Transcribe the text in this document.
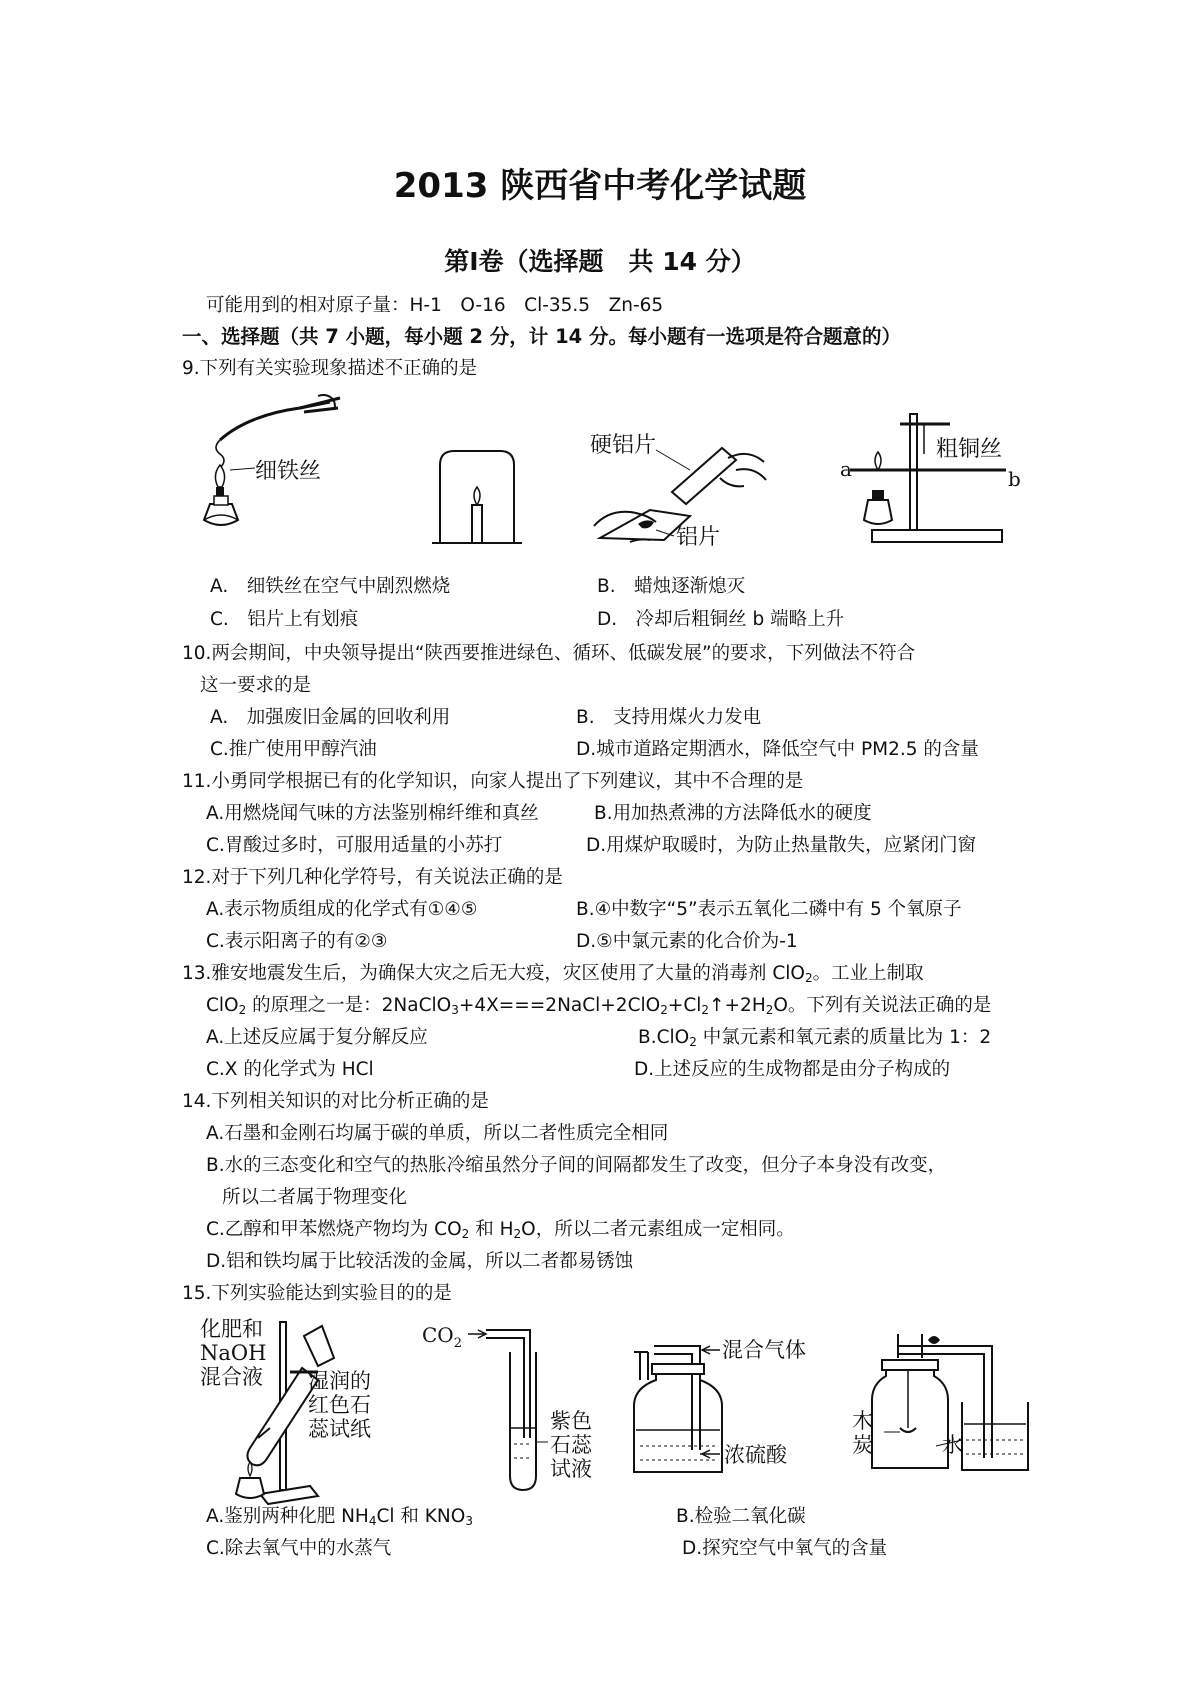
2013 陕西省中考化学试题
第Ⅰ卷（选择题　共 14 分）
可能用到的相对原子量：H-1　O-16　Cl-35.5　Zn-65
一、选择题（共 7 小题，每小题 2 分，计 14 分。每小题有一选项是符合题意的）
9.下列有关实验现象描述不正确的是
细铁丝
硬铝片
铝片
a	b
粗铜丝
A.　细铁丝在空气中剧烈燃烧	B.　蜡烛逐渐熄灭
C.　铝片上有划痕	D.　冷却后粗铜丝 b 端略上升
10.两会期间，中央领导提出“陕西要推进绿色、循环、低碳发展”的要求，下列做法不符合
这一要求的是
A.　加强废旧金属的回收利用	B.　支持用煤火力发电
C.推广使用甲醇汽油	D.城市道路定期洒水，降低空气中 PM2.5 的含量
11.小勇同学根据已有的化学知识，向家人提出了下列建议，其中不合理的是
A.用燃烧闻气味的方法鉴别棉纤维和真丝	B.用加热煮沸的方法降低水的硬度
C.胃酸过多时，可服用适量的小苏打	D.用煤炉取暖时，为防止热量散失，应紧闭门窗
12.对于下列几种化学符号，有关说法正确的是
A.表示物质组成的化学式有①④⑤	B.④中数字“5”表示五氧化二磷中有 5 个氧原子
C.表示阳离子的有②③	D.⑤中氯元素的化合价为-1
13.雅安地震发生后，为确保大灾之后无大疫，灾区使用了大量的消毒剂 ClO$_2$。工业上制取
ClO$_2$ 的原理之一是：$2NaClO_3+4X===2NaCl+2ClO_2+Cl_2↑+2H_2O$。下列有关说法正确的是
A.上述反应属于复分解反应	B.ClO$_2$ 中氯元素和氧元素的质量比为 1：2
C.X 的化学式为 HCl	D.上述反应的生成物都是由分子构成的
14.下列相关知识的对比分析正确的是
A.石墨和金刚石均属于碳的单质，所以二者性质完全相同
B.水的三态变化和空气的热胀冷缩虽然分子间的间隔都发生了改变，但分子本身没有改变，
所以二者属于物理变化
C.乙醇和甲苯燃烧产物均为 $CO_2$ 和 $H_2O$，所以二者元素组成一定相同。
D.铝和铁均属于比较活泼的金属，所以二者都易锈蚀
15.下列实验能达到实验目的的是
化肥和
NaOH
混合液 湿润的
红色石
蕊试纸
$CO_2$
紫色
石蕊
试液
混合气体
浓硫酸
木
炭	水
A.鉴别两种化肥 $NH_4Cl$ 和 $KNO_3$	B.检验二氧化碳
C.除去氧气中的水蒸气	D.探究空气中氧气的含量
